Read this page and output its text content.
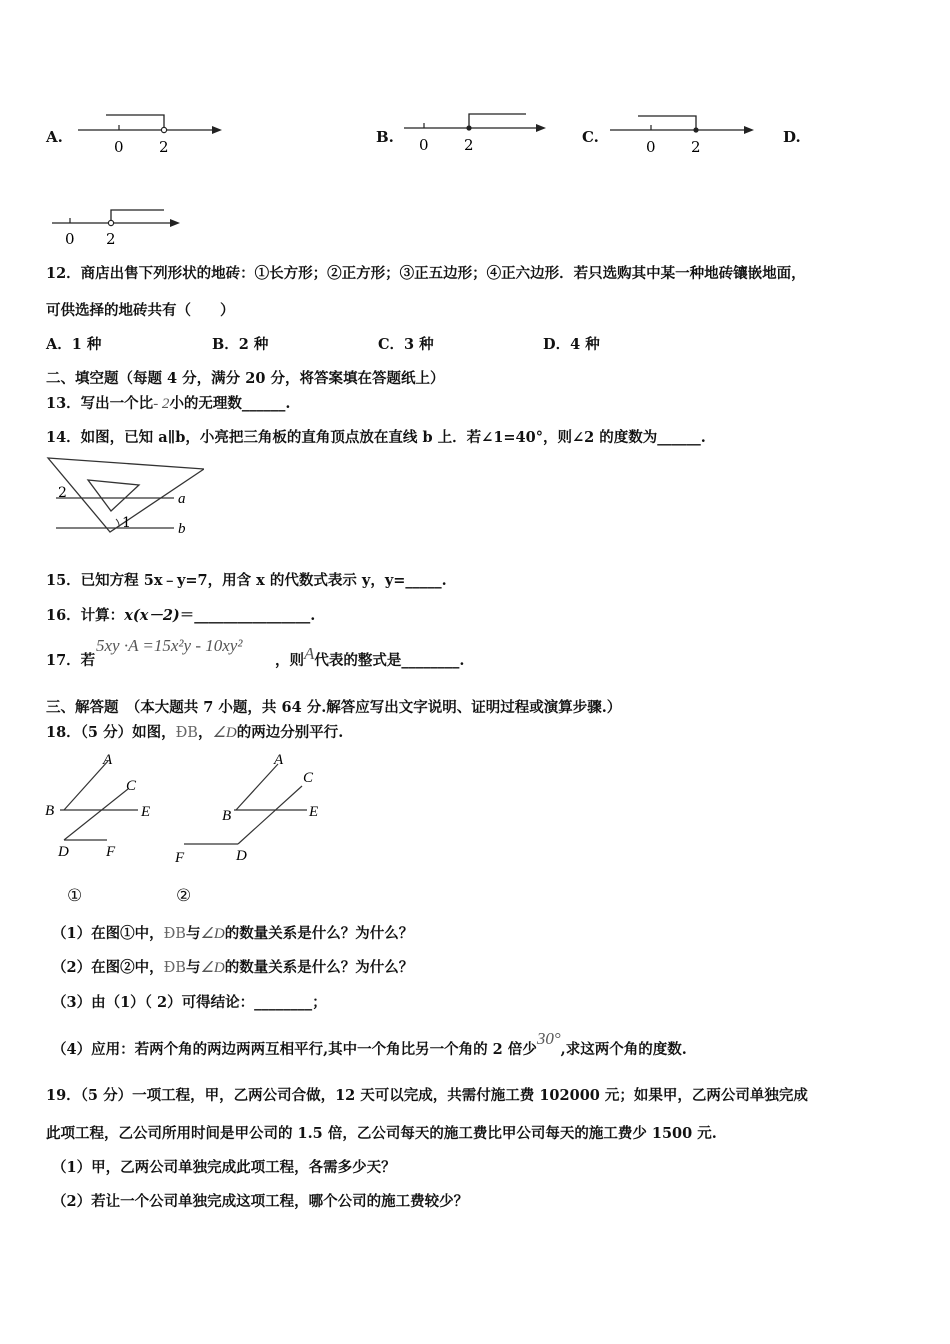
A.
0 2
B. 0 2	C.
0 2
D.
0 2
12．商店出售下列形状的地砖：①长方形；②正方形；③正五边形；④正六边形．若只选购其中某一种地砖镶嵌地面，
可供选择的地砖共有（　　）
A．1 种	B．2 种	C．3 种	D．4 种
二、填空题（每题 4 分，满分 20 分，将答案填在答题纸上）
13．写出一个比- 2小的无理数______.
14．如图，已知 a∥b，小亮把三角板的直角顶点放在直线 b 上．若∠1=40°，则∠2 的度数为______.
2
1
a
b
15．已知方程 5x﹣y=7，用含 x 的代数式表示 y，y=_____.
16．计算：x(x－2)＝________________.
17．若
5xy ·A =15x²y - 10xy²
，则A代表的整式是________.
三、解答题　（本大题共 7 小题，共 64 分.解答应写出文字说明、证明过程或演算步骤.）
18．（5 分）如图，ÐB，∠D的两边分别平行.
A
C
B	E
D F
A
C
B	E
D
F
①	②
（1）在图①中，ÐB与∠D的数量关系是什么？为什么？
（2）在图②中，ÐB与∠D的数量关系是什么？为什么？
（3）由（1）（ 2）可得结论：________；
（4）应用：若两个角的两边两两互相平行,其中一个角比另一个角的 2 倍少30°,求这两个角的度数.
19．（5 分）一项工程，甲，乙两公司合做，12 天可以完成，共需付施工费 102000 元；如果甲，乙两公司单独完成
此项工程，乙公司所用时间是甲公司的 1.5 倍，乙公司每天的施工费比甲公司每天的施工费少 1500 元.
（1）甲，乙两公司单独完成此项工程，各需多少天？
（2）若让一个公司单独完成这项工程，哪个公司的施工费较少？
